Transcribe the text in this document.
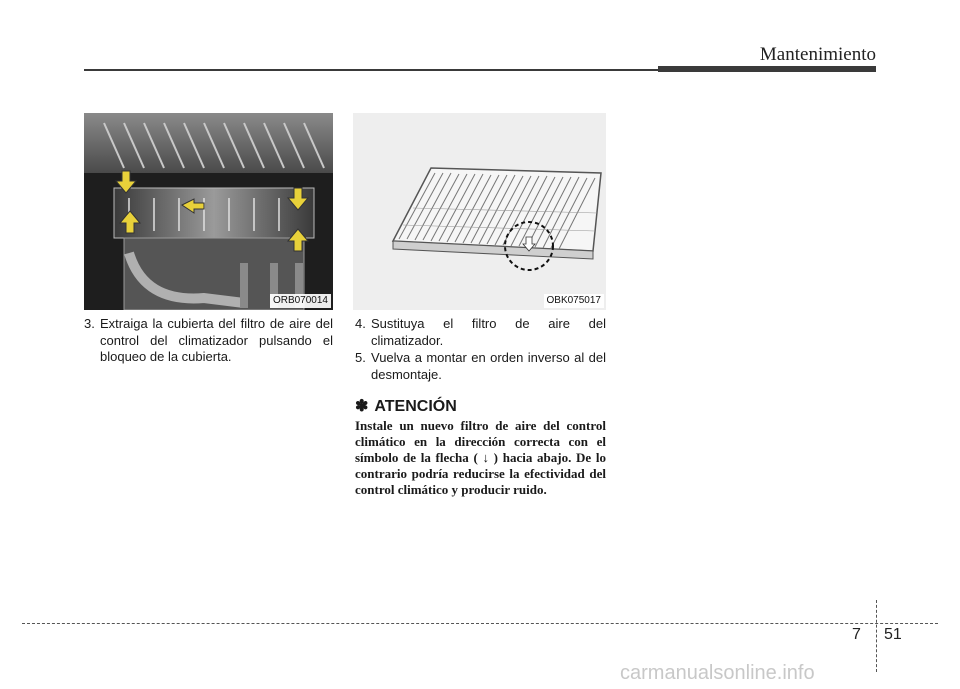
Mantenimiento
ORB070014	OBK075017
3. Extraiga la cubierta del filtro de aire del control del climatizador pulsando el bloqueo de la cubierta.
4. Sustituya el filtro de aire del climatizador.
5. Vuelva a montar en orden inverso al del desmontaje.
✽ ATENCIÓN
Instale un nuevo filtro de aire del control climático en la dirección correcta con el símbolo de la flecha ( ↓ ) hacia abajo. De lo contrario podría reducirse la efectividad del control climático y producir ruido.
7 51
carmanualsonline.info
